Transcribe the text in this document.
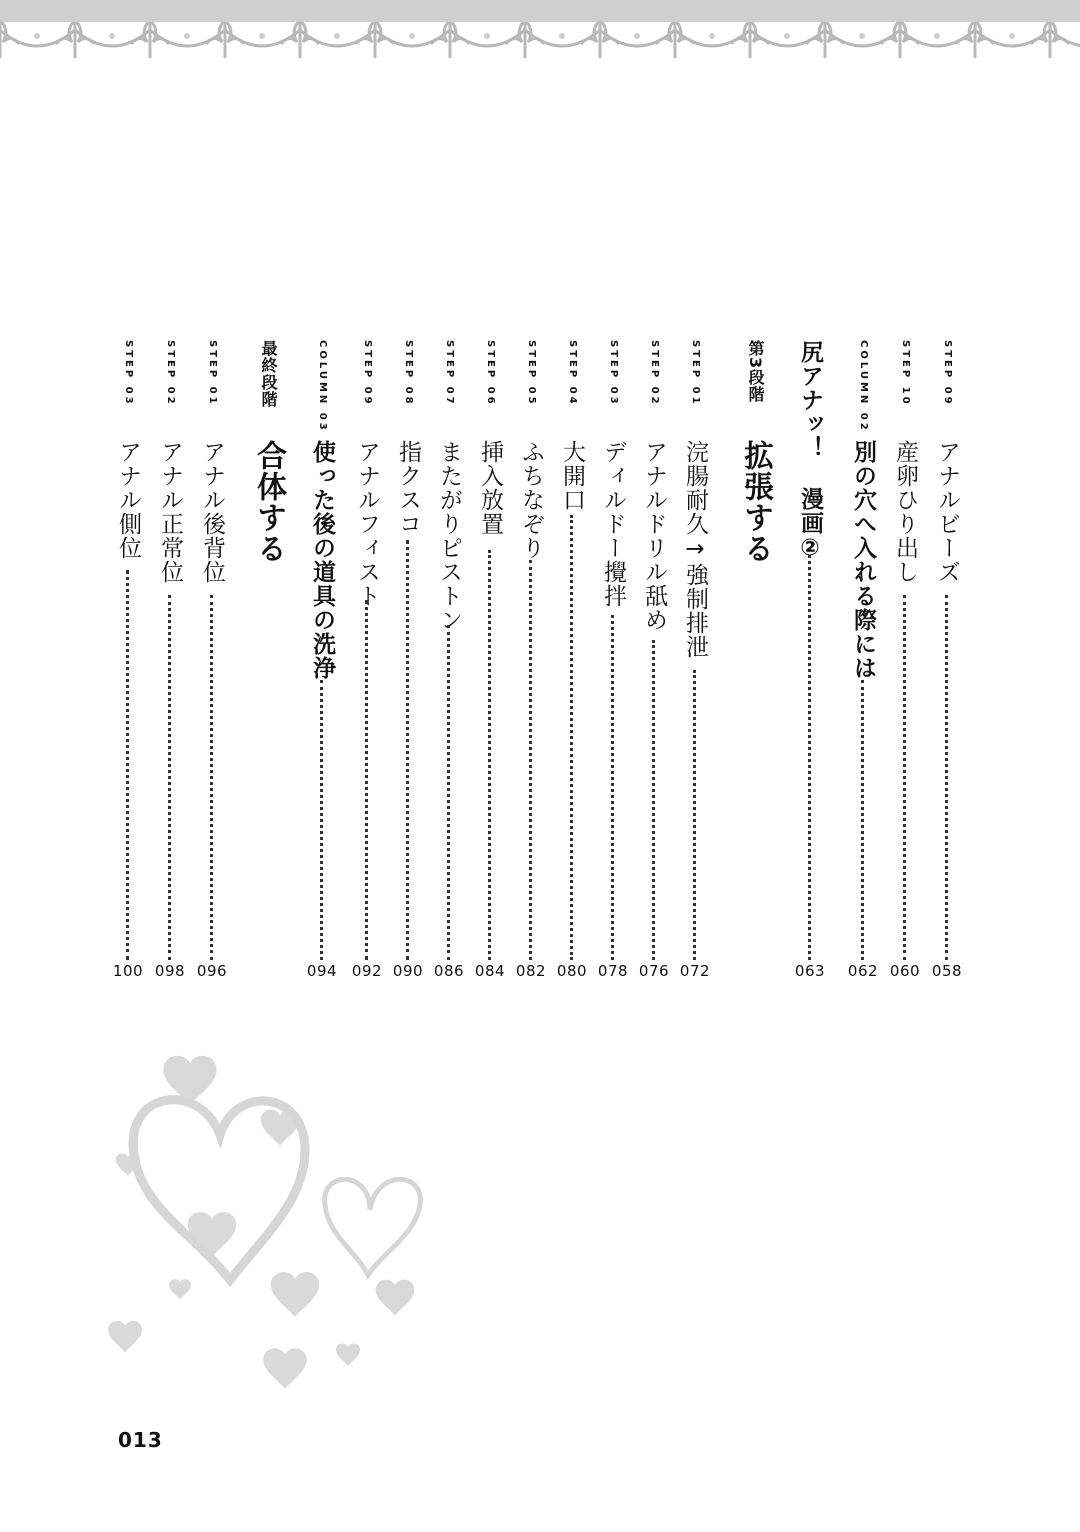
STEP 09
アナルビーズ
058
STEP 10
産卵ひり出し
060
COLUMN 02
別の穴へ入れる際には
062
尻アナッ！ 漫画②
063
第3段階
拡張する
STEP 01
浣腸耐久→強制排泄
072
STEP 02
アナルドリル舐め
076
STEP 03
ディルドー攪拌
078
STEP 04
大開口
080
STEP 05
ふちなぞり
082
STEP 06
挿入放置
084
STEP 07
またがりピストン
086
STEP 08
指クスコ
090
STEP 09
アナルフィスト
092
COLUMN 03
使った後の道具の洗浄
094
最終段階
合体する
STEP 01
アナル後背位
096
STEP 02
アナル正常位
098
STEP 03
アナル側位
100
013
